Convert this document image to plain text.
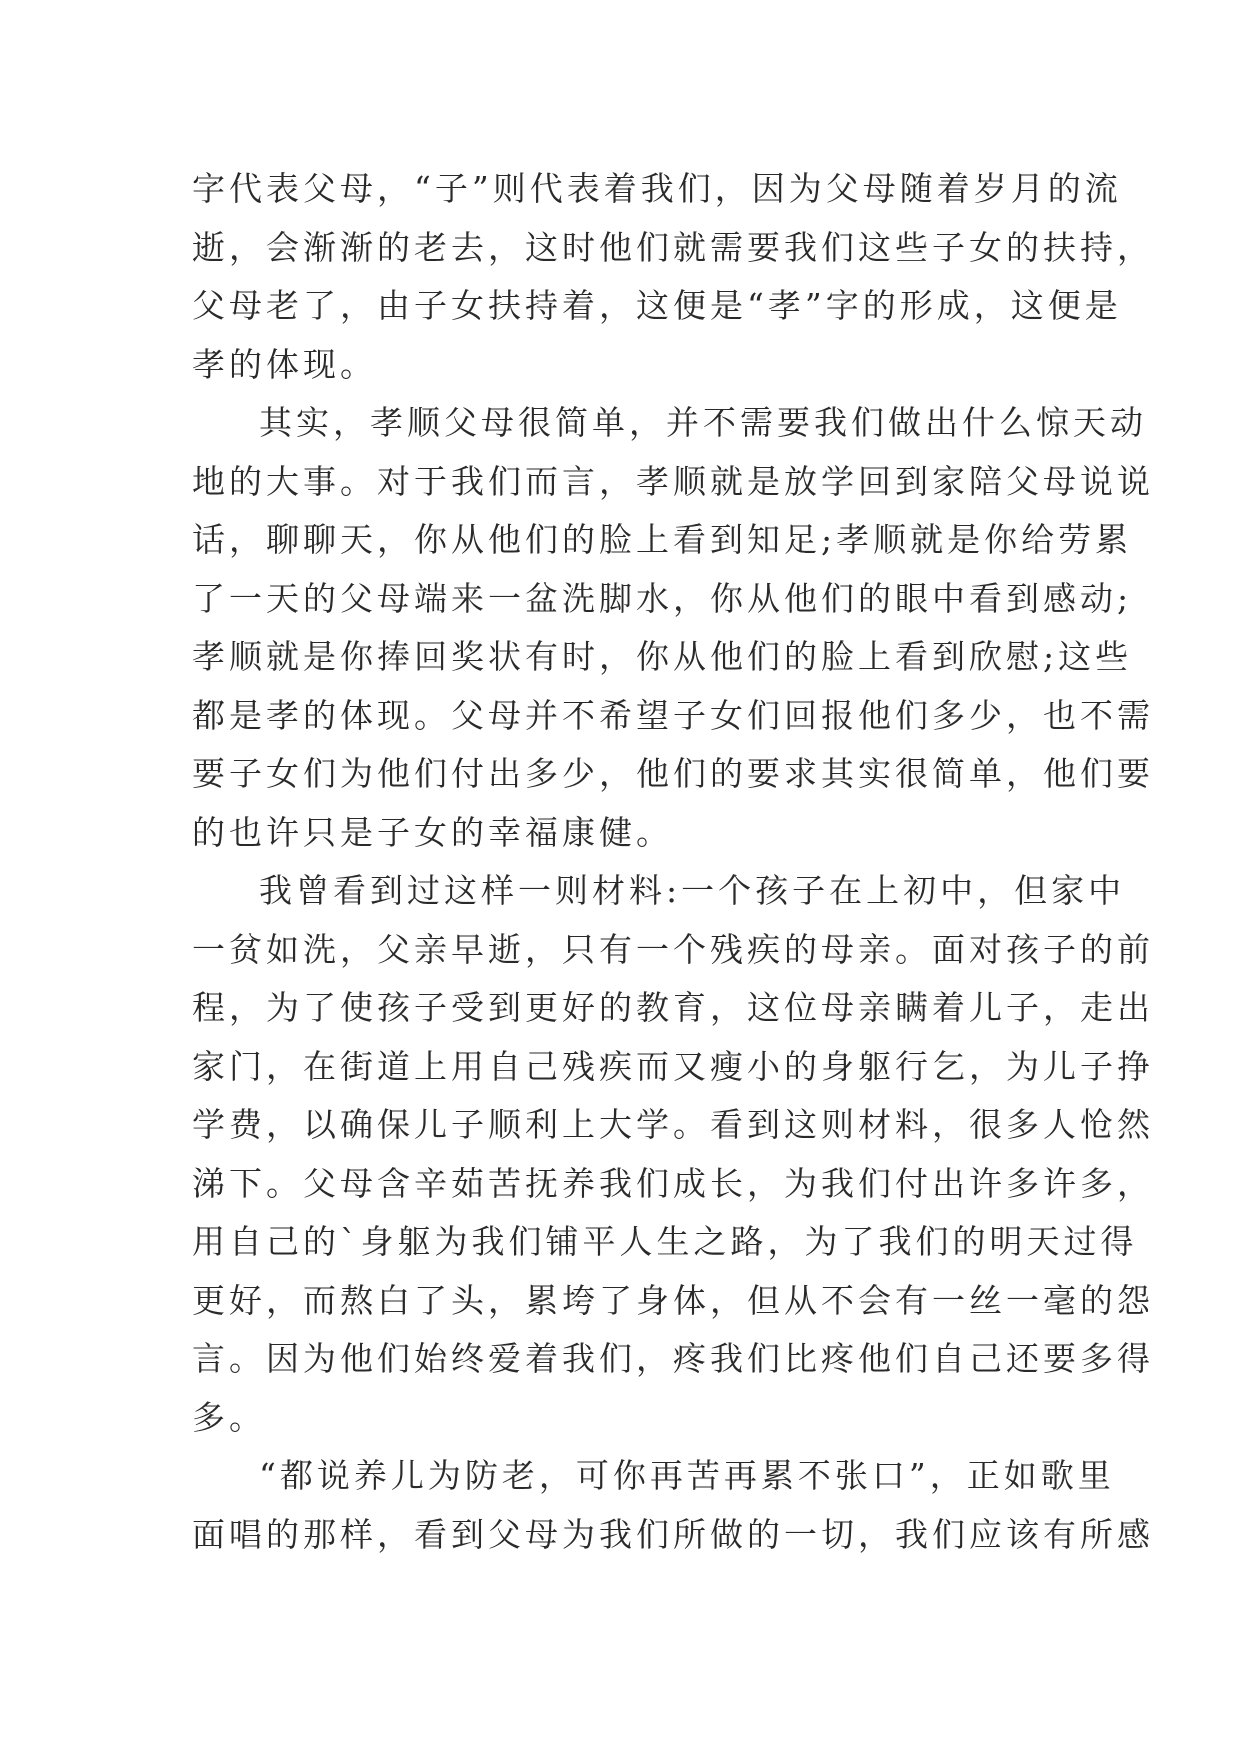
字代表父母，“子”则代表着我们，因为父母随着岁月的流
逝，会渐渐的老去，这时他们就需要我们这些子女的扶持，
父母老了，由子女扶持着，这便是“孝”字的形成，这便是
孝的体现。
其实，孝顺父母很简单，并不需要我们做出什么惊天动
地的大事。对于我们而言，孝顺就是放学回到家陪父母说说
话，聊聊天，你从他们的脸上看到知足;孝顺就是你给劳累
了一天的父母端来一盆洗脚水，你从他们的眼中看到感动;
孝顺就是你捧回奖状有时，你从他们的脸上看到欣慰;这些
都是孝的体现。父母并不希望子女们回报他们多少，也不需
要子女们为他们付出多少，他们的要求其实很简单，他们要
的也许只是子女的幸福康健。
我曾看到过这样一则材料:一个孩子在上初中，但家中
一贫如洗，父亲早逝，只有一个残疾的母亲。面对孩子的前
程，为了使孩子受到更好的教育，这位母亲瞒着儿子，走出
家门，在街道上用自己残疾而又瘦小的身躯行乞，为儿子挣
学费，以确保儿子顺利上大学。看到这则材料，很多人怆然
涕下。父母含辛茹苦抚养我们成长，为我们付出许多许多，
用自己的`身躯为我们铺平人生之路，为了我们的明天过得
更好，而熬白了头，累垮了身体，但从不会有一丝一毫的怨
言。因为他们始终爱着我们，疼我们比疼他们自己还要多得
多。
“都说养儿为防老，可你再苦再累不张口”，正如歌里
面唱的那样，看到父母为我们所做的一切，我们应该有所感
